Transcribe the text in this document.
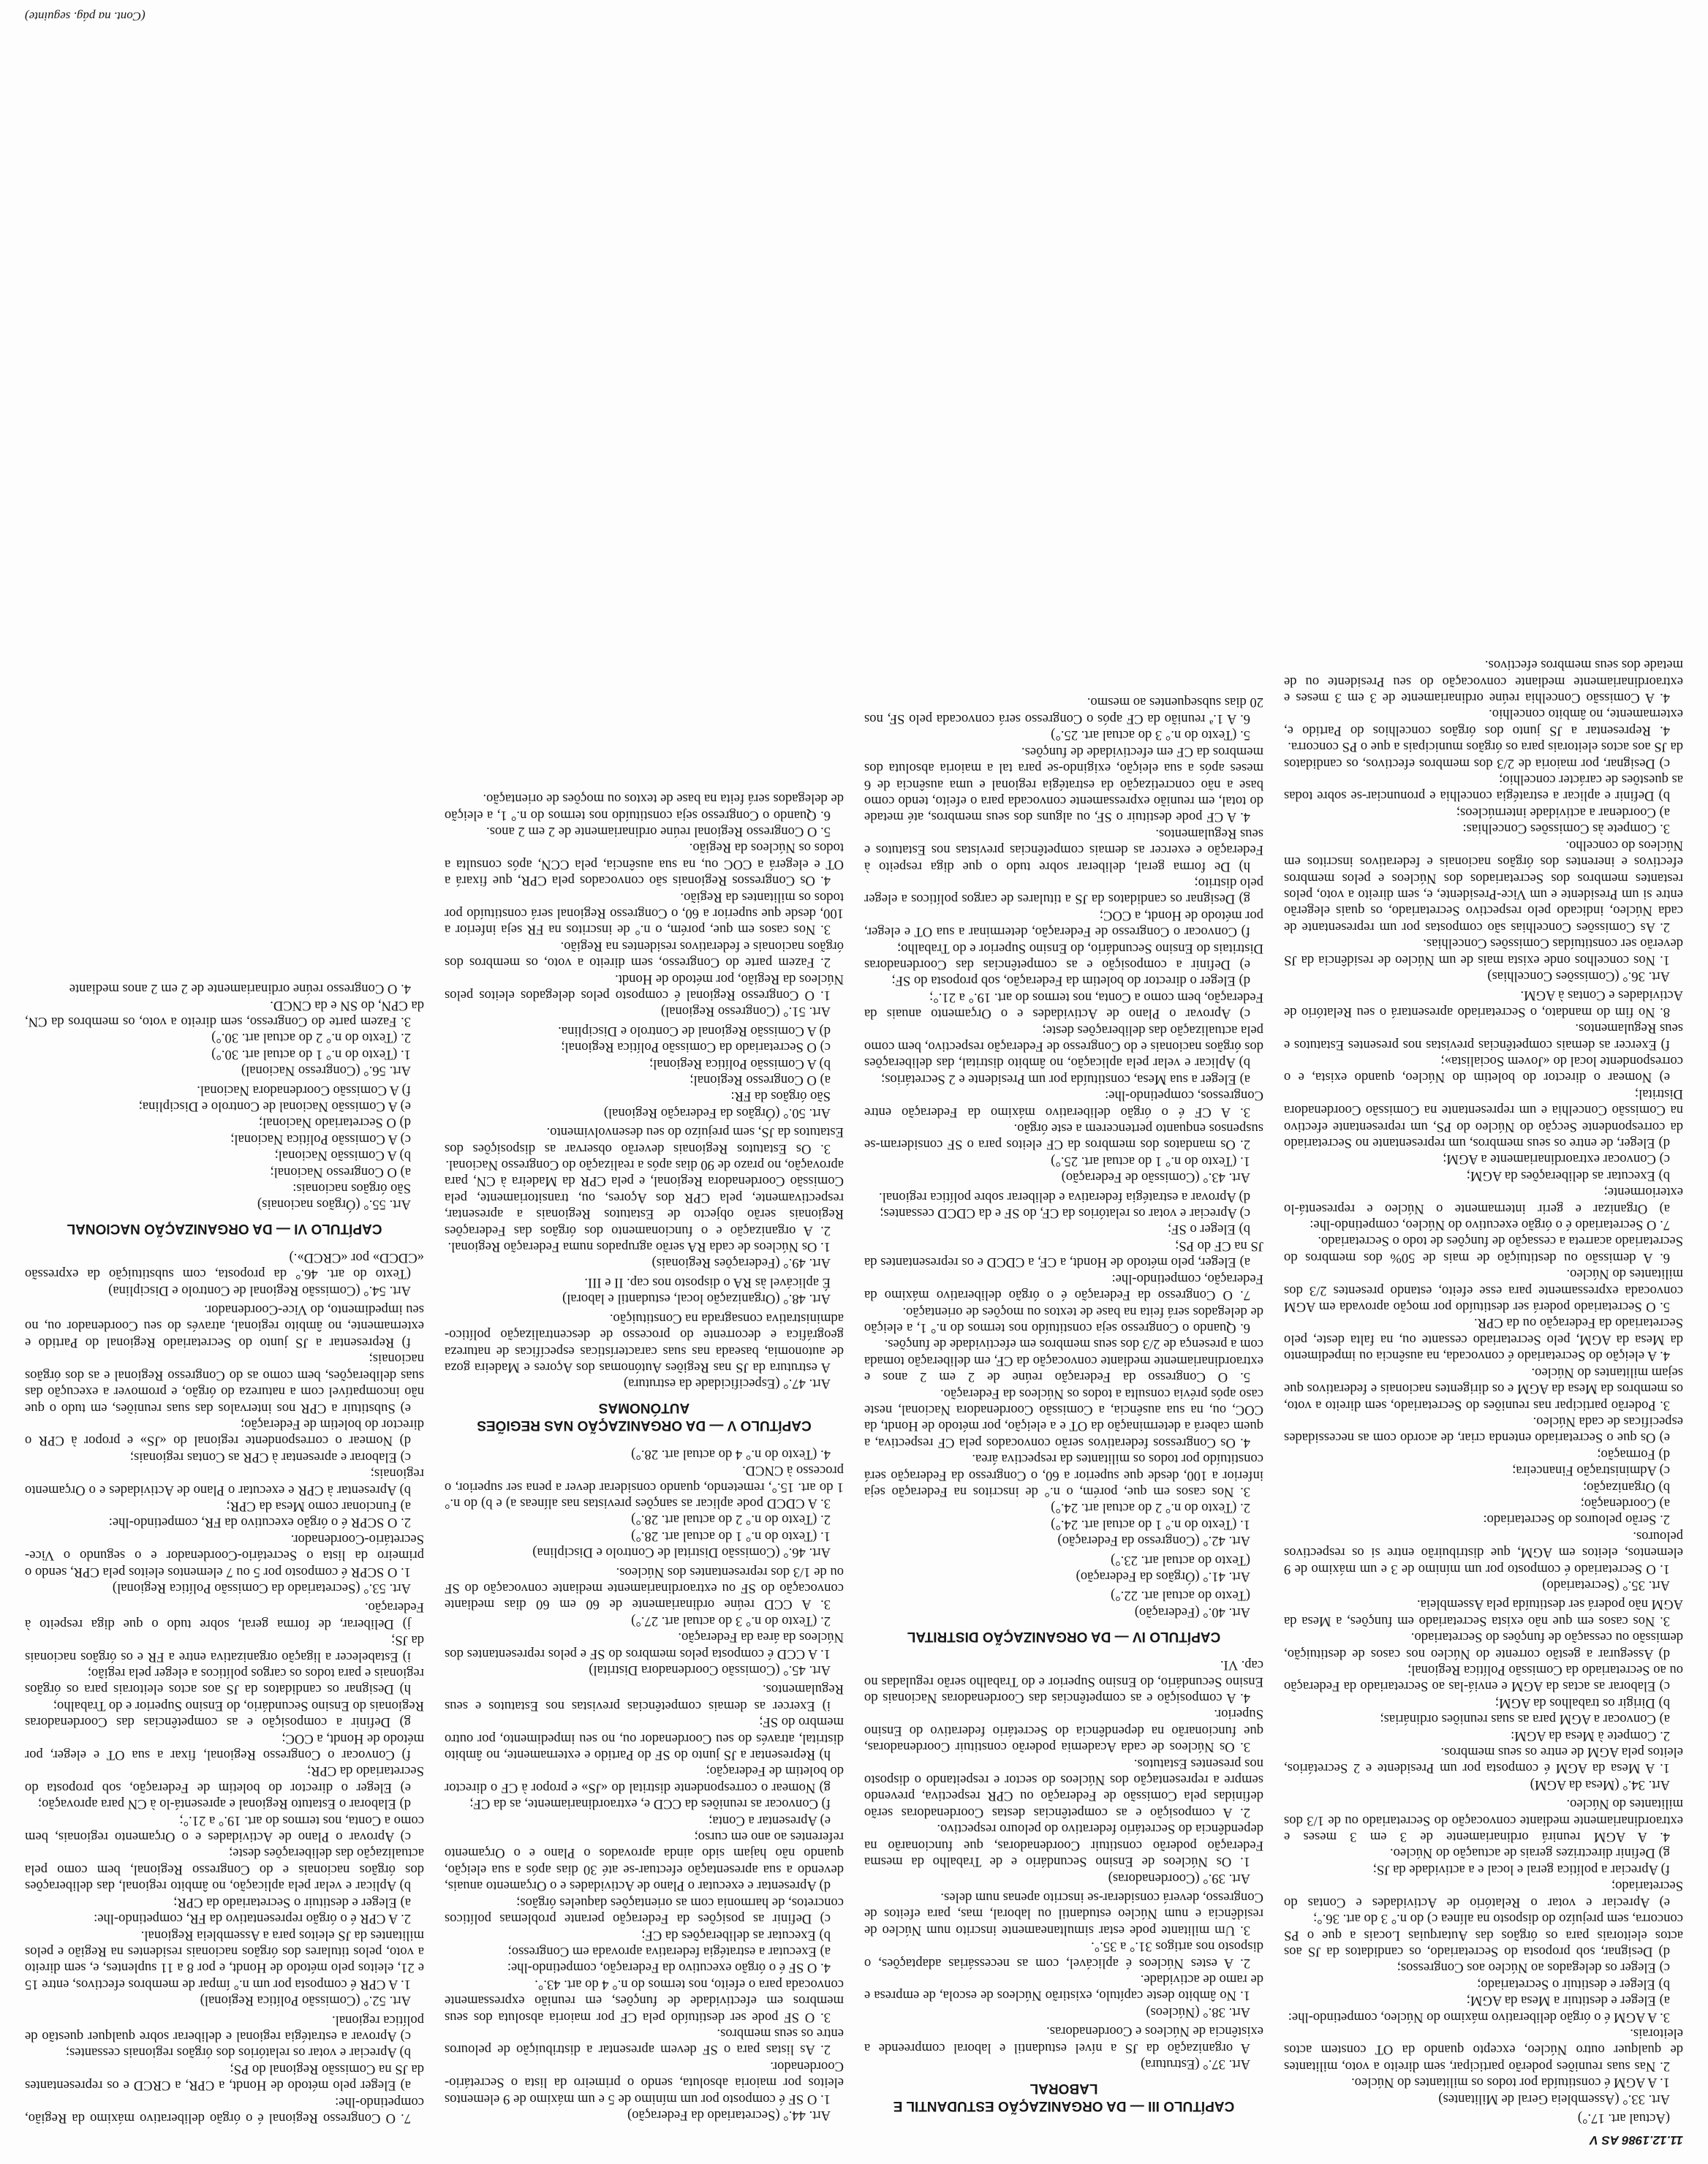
11.12.1986 AS V

(Actual art. 17.°)

Art. 33.° (Assembleia Geral de Militantes)

1. A AGM é constituída por todos os militantes do Núcleo.

2. Nas suas reuniões poderão participar, sem direito a voto, militantes de qualquer outro Núcleo, excepto quando da OT constem actos eleitorais.

3. A AGM é o órgão deliberativo máximo do Núcleo, competindo-lhe:

a) Eleger e destituir a Mesa da AGM;

b) Eleger e destituir o Secretariado;

c) Eleger os delegados ao Núcleo aos Congressos;

d) Designar, sob proposta do Secretariado, os candidatos da JS aos actos eleitorais para os órgãos das Autarquias Locais a que o PS concorra, sem prejuízo do disposto na alínea c) do n.° 3 do art. 36.°;

e) Apreciar e votar o Relatório de Actividades e Contas do Secretariado;

f) Apreciar a política geral e local e a actividade da JS;

g) Definir directrizes gerais de actuação do Núcleo.

4. A AGM reunirá ordinariamente de 3 em 3 meses e extraordinariamente mediante convocação do Secretariado ou de 1/3 dos militantes do Núcleo.

Art. 34.° (Mesa da AGM)

1. A Mesa da AGM é composta por um Presidente e 2 Secretários, eleitos pela AGM de entre os seus membros.

2. Compete à Mesa da AGM:

a) Convocar a AGM para as suas reuniões ordinárias;

b) Dirigir os trabalhos da AGM;

c) Elaborar as actas da AGM e enviá-las ao Secretariado da Federação ou ao Secretariado da Comissão Política Regional;

d) Assegurar a gestão corrente do Núcleo nos casos de destituição, demissão ou cessação de funções do Secretariado.

3. Nos casos em que não exista Secretariado em funções, a Mesa da AGM não poderá ser destituída pela Assembleia.

Art. 35.° (Secretariado)

1. O Secretariado é composto por um mínimo de 3 e um máximo de 9 elementos, eleitos em AGM, que distribuirão entre si os respectivos pelouros.

2. Serão pelouros do Secretariado:

a) Coordenação;

b) Organização;

c) Administração Financeira;

d) Formação;

e) Os que o Secretariado entenda criar, de acordo com as necessidades especificas de cada Núcleo.

3. Poderão participar nas reuniões do Secretariado, sem direito a voto, os membros da Mesa da AGM e os dirigentes nacionais e federativos que sejam militantes do Núcleo.

4. A eleição do Secretariado é convocada, na ausência ou impedimento da Mesa da AGM, pelo Secretariado cessante ou, na falta deste, pelo Secretariado da Federação ou da CPR.

5. O Secretariado poderá ser destituído por moção aprovada em AGM convocada expressamente para esse efeito, estando presentes 2/3 dos militantes do Núcleo.

6. A demissão ou destituição de mais de 50% dos membros do Secretariado acarreta a cessação de funções de todo o Secretariado.

7. O Secretariado é o órgão executivo do Núcleo, competindo-lhe:

a) Organizar e gerir internamente o Núcleo e representá-lo exteriormente;

b) Executar as deliberações da AGM;

c) Convocar extraordinariamente a AGM;

d) Eleger, de entre os seus membros, um representante no Secretariado da correspondente Secção do Núcleo do PS, um representante efectivo na Comissão Concelhia e um representante na Comissão Coordenadora Distrital;

e) Nomear o director do boletim do Núcleo, quando exista, e o correspondente local do «Jovem Socialista»;

f) Exercer as demais competências previstas nos presentes Estatutos e seus Regulamentos.

8. No fim do mandato, o Secretariado apresentará o seu Relatório de Actividades e Contas à AGM.

Art. 36.° (Comissões Concelhias)

1. Nos concelhos onde exista mais de um Núcleo de residência da JS deverão ser constituídas Comissões Concelhias.

2. As Comissões Concelhias são compostas por um representante de cada Núcleo, indicado pelo respectivo Secretariado, os quais elegerão entre si um Presidente e um Vice-Presidente, e, sem direito a voto, pelos restantes membros dos Secretariados dos Núcleos e pelos membros efectivos e inerentes dos órgãos nacionais e federativos inscritos em Núcleos do concelho.

3. Compete às Comissões Concelhias:

a) Coordenar a actividade internúcleos;

b) Definir e aplicar a estratégia concelhia e pronunciar-se sobre todas as questões de carácter concelhio;

c) Designar, por maioria de 2/3 dos membros efectivos, os candidatos da JS aos actos eleitorais para os órgãos municipais a que o PS concorra.

4. Representar a JS junto dos órgãos concelhios do Partido e, externamente, no âmbito concelhio.

4. A Comissão Concelhia reúne ordinariamente de 3 em 3 meses e extraordinariamente mediante convocação do seu Presidente ou de metade dos seus membros efectivos.

CAPÍTULO III — DA ORGANIZAÇÃO ESTUDANTIL E LABORAL

Art. 37.° (Estrutura)

A organização da JS a nível estudantil e laboral compreende a existência de Núcleos e Coordenadoras.

Art. 38.° (Núcleos)

1. No âmbito deste capítulo, existirão Núcleos de escola, de empresa e de ramo de actividade.

2. A estes Núcleos é aplicável, com as necessárias adaptações, o disposto nos artigos 31.° a 35.°.

3. Um militante pode estar simultaneamente inscrito num Núcleo de residência e num Núcleo estudantil ou laboral, mas, para efeitos de Congresso, deverá considerar-se inscrito apenas num deles.

Art. 39.° (Coordenadoras)

1. Os Núcleos de Ensino Secundário e de Trabalho da mesma Federação poderão constituir Coordenadoras, que funcionarão na dependência do Secretário federativo do pelouro respectivo.

2. A composição e as competências destas Coordenadoras serão definidas pela Comissão de Federação ou CPR respectiva, prevendo sempre a representação dos Núcleos do sector e respeitando o disposto nos presentes Estatutos.

3. Os Núcleos de cada Academia poderão constituir Coordenadoras, que funcionarão na dependência do Secretário federativo do Ensino Superior.

4. A composição e as competências das Coordenadoras Nacionais do Ensino Secundário, do Ensino Superior e do Trabalho serão reguladas no cap. VI.

CAPÍTULO IV — DA ORGANIZAÇÃO DISTRITAL

Art. 40.° (Federação)

(Texto do actual art. 22.°)

Art. 41.° (Órgãos da Federação)

(Texto do actual art. 23.°)

Art. 42.° (Congresso da Federação)

1. (Texto do n.° 1 do actual art. 24.°)

2. (Texto do n.° 2 do actual art. 24.°)

3. Nos casos em que, porém, o n.° de inscritos na Federação seja inferior a 100, desde que superior a 60, o Congresso da Federação será constituído por todos os militantes da respectiva área.

4. Os Congressos federativos serão convocados pela CF respectiva, a quem caberá a determinação da OT e a eleição, por método de Hondt, da COC, ou, na sua ausência, a Comissão Coordenadora Nacional, neste caso após prévia consulta a todos os Núcleos da Federação.

5. O Congresso da Federação reúne de 2 em 2 anos e extraordinariamente mediante convocação da CF, em deliberação tomada com a presença de 2/3 dos seus membros em efectividade de funções.

6. Quando o Congresso seja constituído nos termos do n.° 1, a eleição de delegados será feita na base de textos ou moções de orientação.

7. O Congresso da Federação é o órgão deliberativo máximo da Federação, competindo-lhe:

a) Eleger, pelo método de Hondt, a CF, a CDCD e os representantes da JS na CF do PS;

b) Eleger o SF;

c) Apreciar e votar os relatórios da CF, do SF e da CDCD cessantes;

d) Aprovar a estratégia federativa e deliberar sobre política regional.

Art. 43.° (Comissão de Federação)

1. (Texto do n.° 1 do actual art. 25.°)

2. Os mandatos dos membros da CF eleitos para o SF consideram-se suspensos enquanto pertencerem a este órgão.

3. A CF é o órgão deliberativo máximo da Federação entre Congressos, competindo-lhe:

a) Eleger a sua Mesa, constituída por um Presidente e 2 Secretários;

b) Aplicar e velar pela aplicação, no âmbito distrital, das deliberações dos órgãos nacionais e do Congresso de Federação respectivo, bem como pela actualização das deliberações deste;

c) Aprovar o Plano de Actividades e o Orçamento anuais da Federação, bem como a Conta, nos termos do art. 19.° a 21.°;

d) Eleger o director do boletim da Federação, sob proposta do SF;

e) Definir a composição e as competências das Coordenadoras Distritais do Ensino Secundário, do Ensino Superior e do Trabalho;

f) Convocar o Congresso de Federação, determinar a sua OT e eleger, por método de Hondt, a COC;

g) Designar os candidatos da JS a titulares de cargos políticos a eleger pelo distrito;

h) De forma geral, deliberar sobre tudo o que diga respeito à Federação e exercer as demais competências previstas nos Estatutos e seus Regulamentos.

4. A CF pode destituir o SF, ou alguns dos seus membros, até metade do total, em reunião expressamente convocada para o efeito, tendo como base a não concretização da estratégia regional e uma ausência de 6 meses após a sua eleição, exigindo-se para tal a maioria absoluta dos membros da CF em efectividade de funções.

5. (Texto do n.° 3 do actual art. 25.°)

6. A 1.ª reunião da CF após o Congresso será convocada pelo SF, nos 20 dias subsequentes ao mesmo.

Art. 44.° (Secretariado da Federação)

1. O SF é composto por um mínimo de 5 e um máximo de 9 elementos eleitos por maioria absoluta, sendo o primeiro da lista o Secretário-Coordenador.

2. As listas para o SF devem apresentar a distribuição de pelouros entre os seus membros.

3. O SF pode ser destituído pela CF por maioria absoluta dos seus membros em efectividade de funções, em reunião expressamente convocada para o efeito, nos termos do n.° 4 do art. 43.°.

4. O SF é o órgão executivo da Federação, competindo-lhe:

a) Executar a estratégia federativa aprovada em Congresso;

b) Executar as deliberações da CF;

c) Definir as posições da Federação perante problemas políticos concretos, de harmonia com as orientações daqueles órgãos;

d) Apresentar e executar o Plano de Actividades e o Orçamento anuais, devendo a sua apresentação efectuar-se até 30 dias após a sua eleição, quando não hajam sido ainda aprovados o Plano e o Orçamento referentes ao ano em curso;

e) Apresentar a Conta;

f) Convocar as reuniões da CCD e, extraordinariamente, as da CF;

g) Nomear o correspondente distrital do «JS» e propor à CF o director do boletim de Federação;

h) Representar a JS junto do SF do Partido e externamente, no âmbito distrital, através do seu Coordenador ou, no seu impedimento, por outro membro do SF;

i) Exercer as demais competências previstas nos Estatutos e seus Regulamentos.

Art. 45.° (Comissão Coordenadora Distrital)

1. A CCD é composta pelos membros do SF e pelos representantes dos Núcleos da área da Federação.

2. (Texto do n.° 3 do actual art. 27.°)

3. A CCD reúne ordinariamente de 60 em 60 dias mediante convocação do SF ou extraordinariamente mediante convocação do SF ou de 1/3 dos representantes dos Núcleos.

Art. 46.° (Comissão Distrital de Controlo e Disciplina)

1. (Texto do n.° 1 do actual art. 28.°)

2. (Texto do n.° 2 do actual art. 28.°)

3. A CDCD pode aplicar as sanções previstas nas alíneas a) e b) do n.° 1 do art. 15.°, remetendo, quando considerar dever a pena ser superior, o processo à CNCD.

4. (Texto do n.° 4 do actual art. 28.°)

CAPÍTULO V — DA ORGANIZAÇÃO NAS REGIÕES AUTÓNOMAS

Art. 47.° (Especificidade da estrutura)

A estrutura da JS nas Regiões Autónomas dos Açores e Madeira goza de autonomia, baseada nas suas características específicas de natureza geográfica e decorrente do processo de descentralização político-administrativa consagrada na Constituição.

Art. 48.° (Organização local, estudantil e laboral)

É aplicável às RA o disposto nos cap. II e III.

Art. 49.° (Federações Regionais)

1. Os Núcleos de cada RA serão agrupados numa Federação Regional.

2. A organização e o funcionamento dos órgãos das Federações Regionais serão objecto de Estatutos Regionais a apresentar, respectivamente, pela CPR dos Açores, ou, transitoriamente, pela Comissão Coordenadora Regional, e pela CPR da Madeira à CN, para aprovação, no prazo de 90 dias após a realização do Congresso Nacional.

3. Os Estatutos Regionais deverão observar as disposições dos Estatutos da JS, sem prejuízo do seu desenvolvimento.

Art. 50.° (Órgãos da Federação Regional)

São órgãos da FR:

a) O Congresso Regional;

b) A Comissão Política Regional;

c) O Secretariado da Comissão Política Regional;

d) A Comissão Regional de Controlo e Disciplina.

Art. 51.° (Congresso Regional)

1. O Congresso Regional é composto pelos delegados eleitos pelos Núcleos da Região, por método de Hondt.

2. Fazem parte do Congresso, sem direito a voto, os membros dos órgãos nacionais e federativos residentes na Região.

3. Nos casos em que, porém, o n.° de inscritos na FR seja inferior a 100, desde que superior a 60, o Congresso Regional será constituído por todos os militantes da Região.

4. Os Congressos Regionais são convocados pela CPR, que fixará a OT e elegerá a COC ou, na sua ausência, pela CCN, após consulta a todos os Núcleos da Região.

5. O Congresso Regional reúne ordinariamente de 2 em 2 anos.

6. Quando o Congresso seja constituído nos termos do n.° 1, a eleição de delegados será feita na base de textos ou moções de orientação.

7. O Congresso Regional é o órgão deliberativo máximo da Região, competindo-lhe:

a) Eleger pelo método de Hondt, a CPR, a CRCD e os representantes da JS na Comissão Regional do PS;

b) Apreciar e votar os relatórios dos órgãos regionais cessantes;

c) Aprovar a estratégia regional e deliberar sobre qualquer questão de política regional.

Art. 52.° (Comissão Política Regional)

1. A CPR é composta por um n.° ímpar de membros efectivos, entre 15 e 21, eleitos pelo método de Hondt, e por 8 a 11 suplentes, e, sem direito a voto, pelos titulares dos órgãos nacionais residentes na Região e pelos militantes da JS eleitos para a Assembleia Regional.

2. A CPR é o órgão representativo da FR, competindo-lhe:

a) Eleger e destituir o Secretariado da CPR;

b) Aplicar e velar pela aplicação, no âmbito regional, das deliberações dos órgãos nacionais e do Congresso Regional, bem como pela actualização das deliberações deste;

c) Aprovar o Plano de Actividades e o Orçamento regionais, bem como a Conta, nos termos do art. 19.° a 21.°;

d) Elaborar o Estatuto Regional e apresentá-lo à CN para aprovação;

e) Eleger o director do boletim de Federação, sob proposta do Secretariado da CPR;

f) Convocar o Congresso Regional, fixar a sua OT e eleger, por método de Hondt, a COC;

g) Definir a composição e as competências das Coordenadoras Regionais do Ensino Secundário, do Ensino Superior e do Trabalho;

h) Designar os candidatos da JS aos actos eleitorais para os órgãos regionais e para todos os cargos políticos a eleger pela região;

i) Estabelecer a ligação organizativa entre a FR e os órgãos nacionais da JS;

j) Deliberar, de forma geral, sobre tudo o que diga respeito à Federação.

Art. 53.° (Secretariado da Comissão Política Regional)

1. O SCPR é composto por 5 ou 7 elementos eleitos pela CPR, sendo o primeiro da lista o Secretário-Coordenador e o segundo o Vice-Secretário-Coordenador.

2. O SCPR é o órgão executivo da FR, competindo-lhe:

a) Funcionar como Mesa da CPR;

b) Apresentar à CPR e executar o Plano de Actividades e o Orçamento regionais;

c) Elaborar e apresentar à CPR as Contas regionais;

d) Nomear o correspondente regional do «JS» e propor à CPR o director do boletim de Federação;

e) Substituir a CPR nos intervalos das suas reuniões, em tudo o que não incompatível com a natureza do órgão, e promover a execução das suas deliberações, bem como as do Congresso Regional e as dos órgãos nacionais;

f) Representar a JS junto do Secretariado Regional do Partido e externamente, no âmbito regional, através do seu Coordenador ou, no seu impedimento, do Vice-Coordenador.

Art. 54.° (Comissão Regional de Controlo e Disciplina)

(Texto do art. 46.° da proposta, com substituição da expressão «CDCD» por «CRCD».)

CAPÍTULO VI — DA ORGANIZAÇÃO NACIONAL

Art. 55.° (Órgãos nacionais)

São órgãos nacionais:

a) O Congresso Nacional;

b) A Comissão Nacional;

c) A Comissão Política Nacional;

d) O Secretariado Nacional;

e) A Comissão Nacional de Controlo e Disciplina;

f) A Comissão Coordenadora Nacional.

Art. 56.° (Congresso Nacional)

1. (Texto do n.° 1 do actual art. 30.°)

2. (Texto do n.° 2 do actual art. 30.°)

3. Fazem parte do Congresso, sem direito a voto, os membros da CN, da CPN, do SN e da CNCD.

4. O Congresso reúne ordinariamente de 2 em 2 anos mediante

(Cont. na pág. seguinte)
